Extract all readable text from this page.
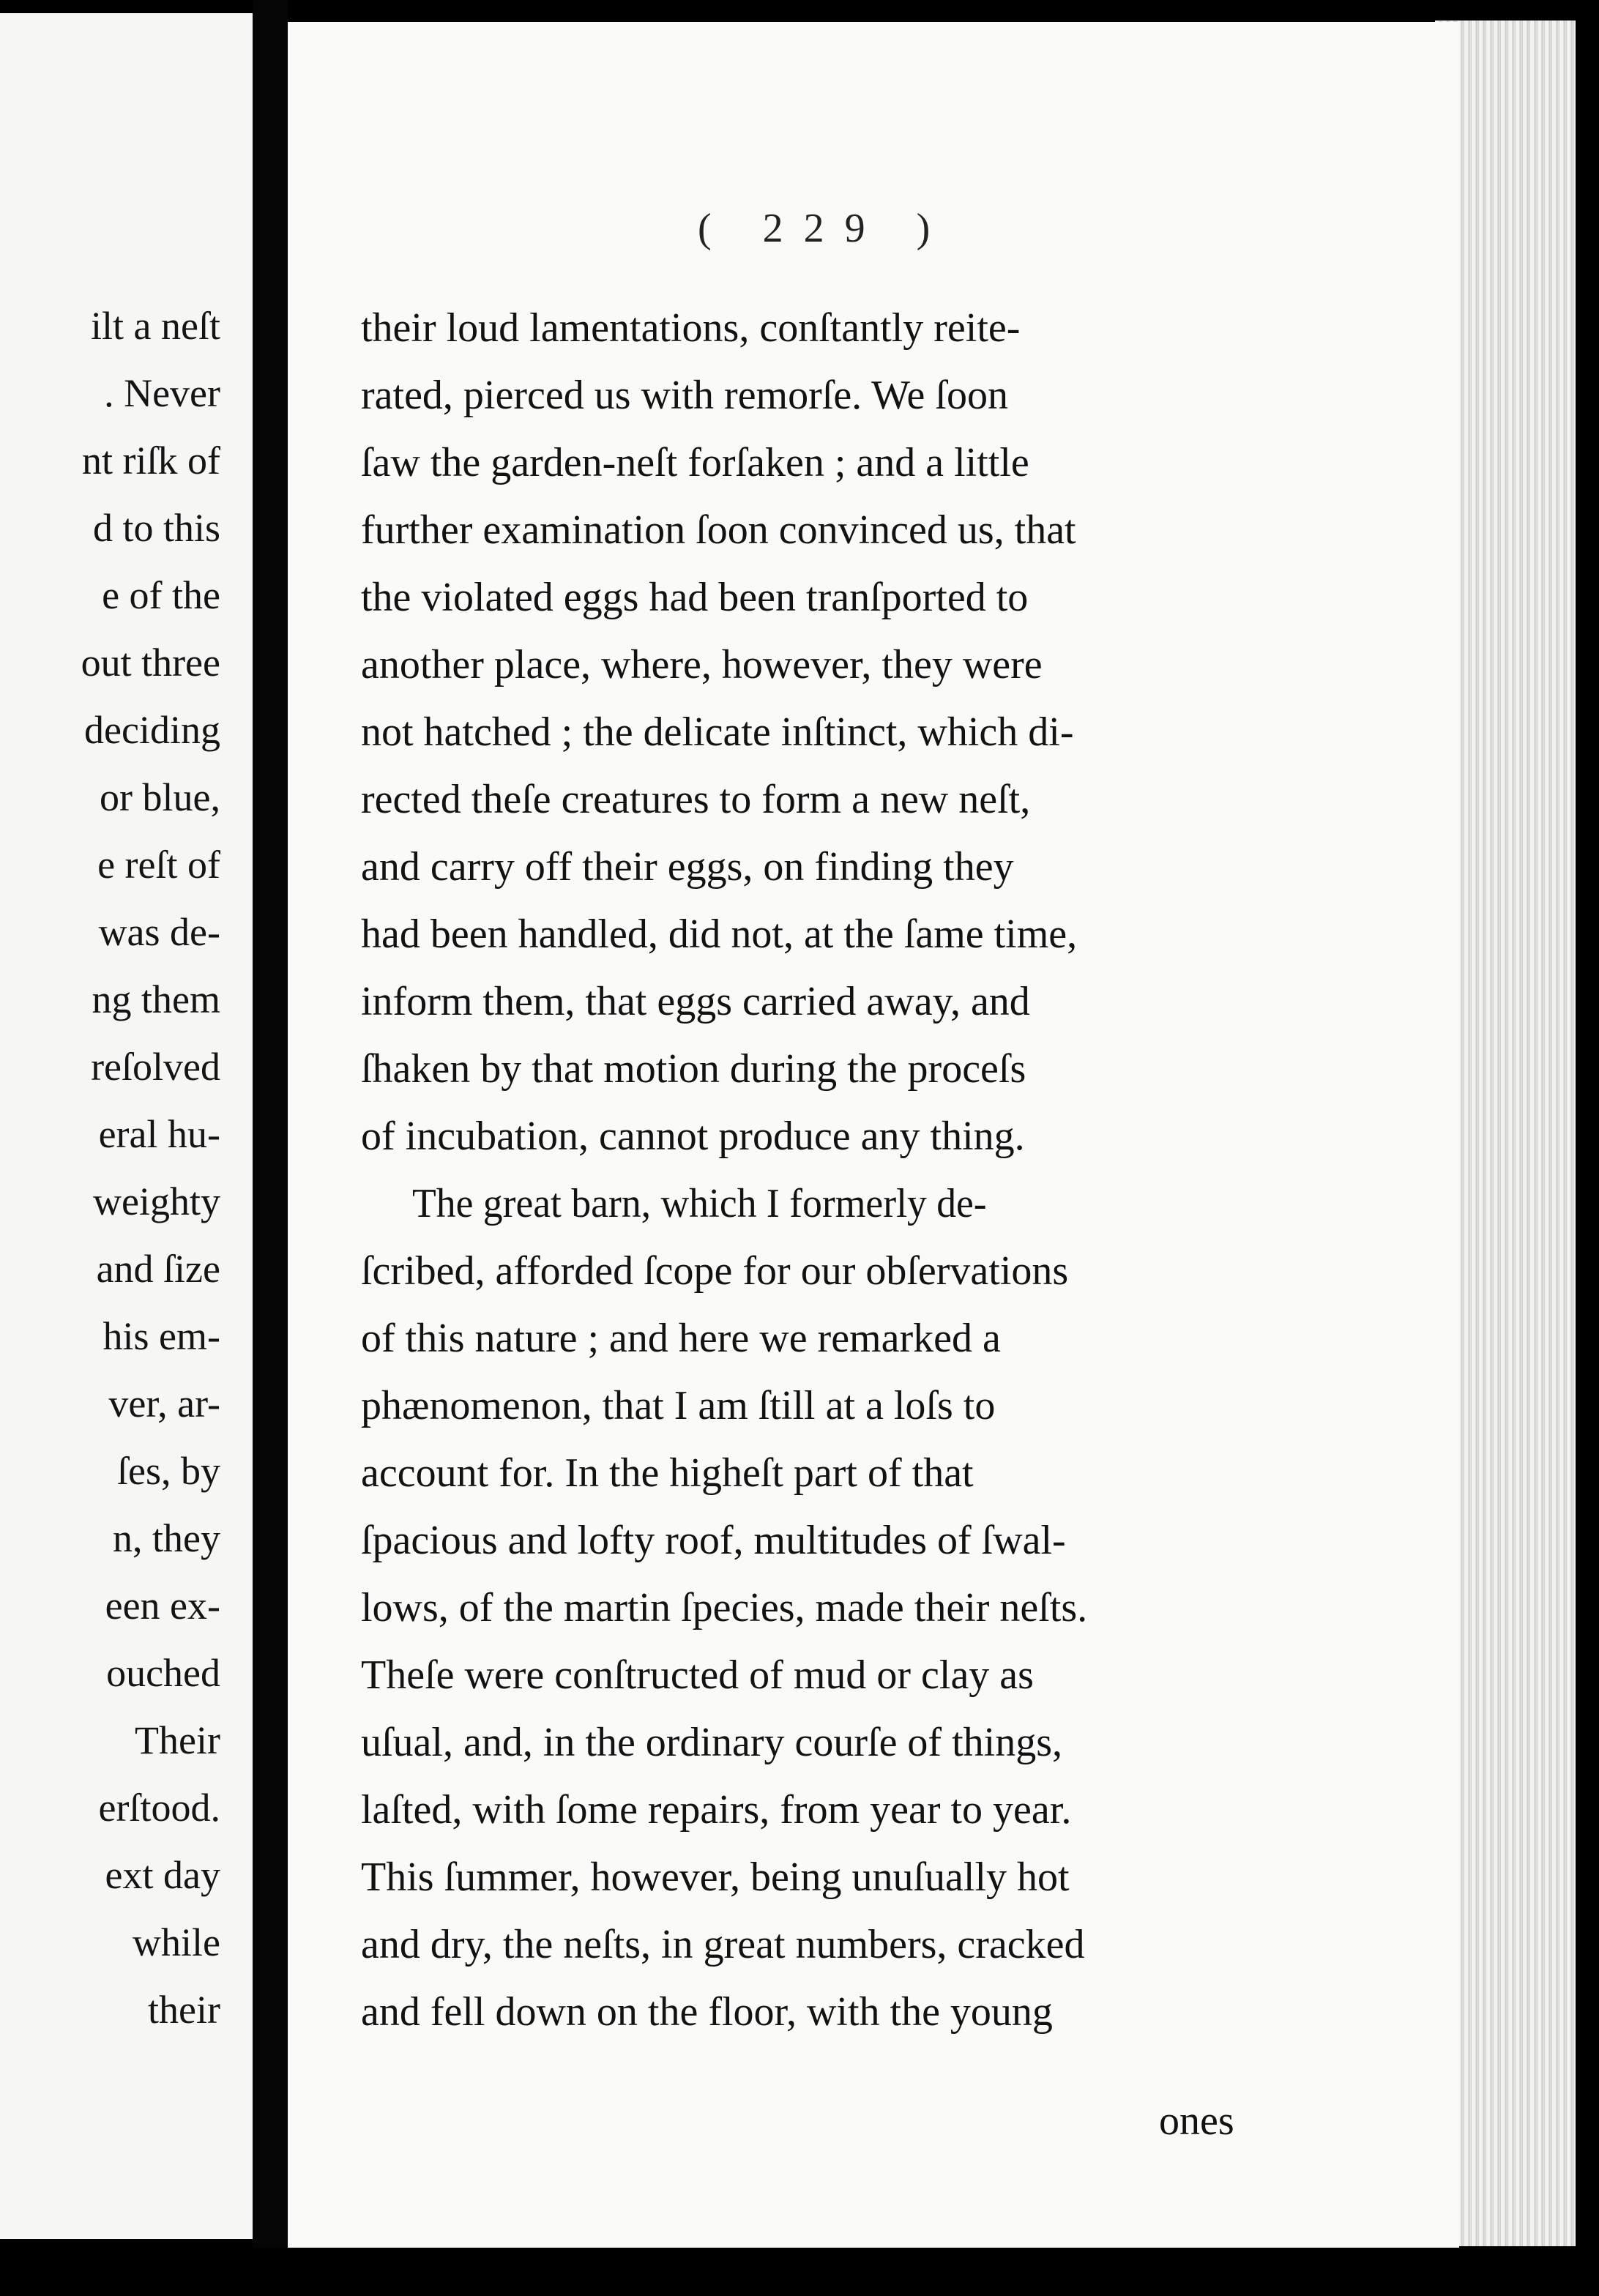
ilt a neſt
. Never
nt riſk of
d to this
e of the
out three
deciding
or blue,
e reſt of
was de-
ng them
reſolved
eral hu-
weighty
and ſize
his em-
ver, ar-
ſes, by
n, they
een ex-
ouched
Their
erſtood.
ext day
while
their
( 229 )
their loud lamentations, conſtantly reite-
rated, pierced us with remorſe. We ſoon
ſaw the garden-neſt forſaken ; and a little
further examination ſoon convinced us, that
the violated eggs had been tranſported to
another place, where, however, they were
not hatched ; the delicate inſtinct, which di-
rected theſe creatures to form a new neſt,
and carry off their eggs, on finding they
had been handled, did not, at the ſame time,
inform them, that eggs carried away, and
ſhaken by that motion during the proceſs
of incubation, cannot produce any thing.
The great barn, which I formerly de-
ſcribed, afforded ſcope for our obſervations
of this nature ; and here we remarked a
phænomenon, that I am ſtill at a loſs to
account for. In the higheſt part of that
ſpacious and lofty roof, multitudes of ſwal-
lows, of the martin ſpecies, made their neſts.
Theſe were conſtructed of mud or clay as
uſual, and, in the ordinary courſe of things,
laſted, with ſome repairs, from year to year.
This ſummer, however, being unuſually hot
and dry, the neſts, in great numbers, cracked
and fell down on the floor, with the young
ones
